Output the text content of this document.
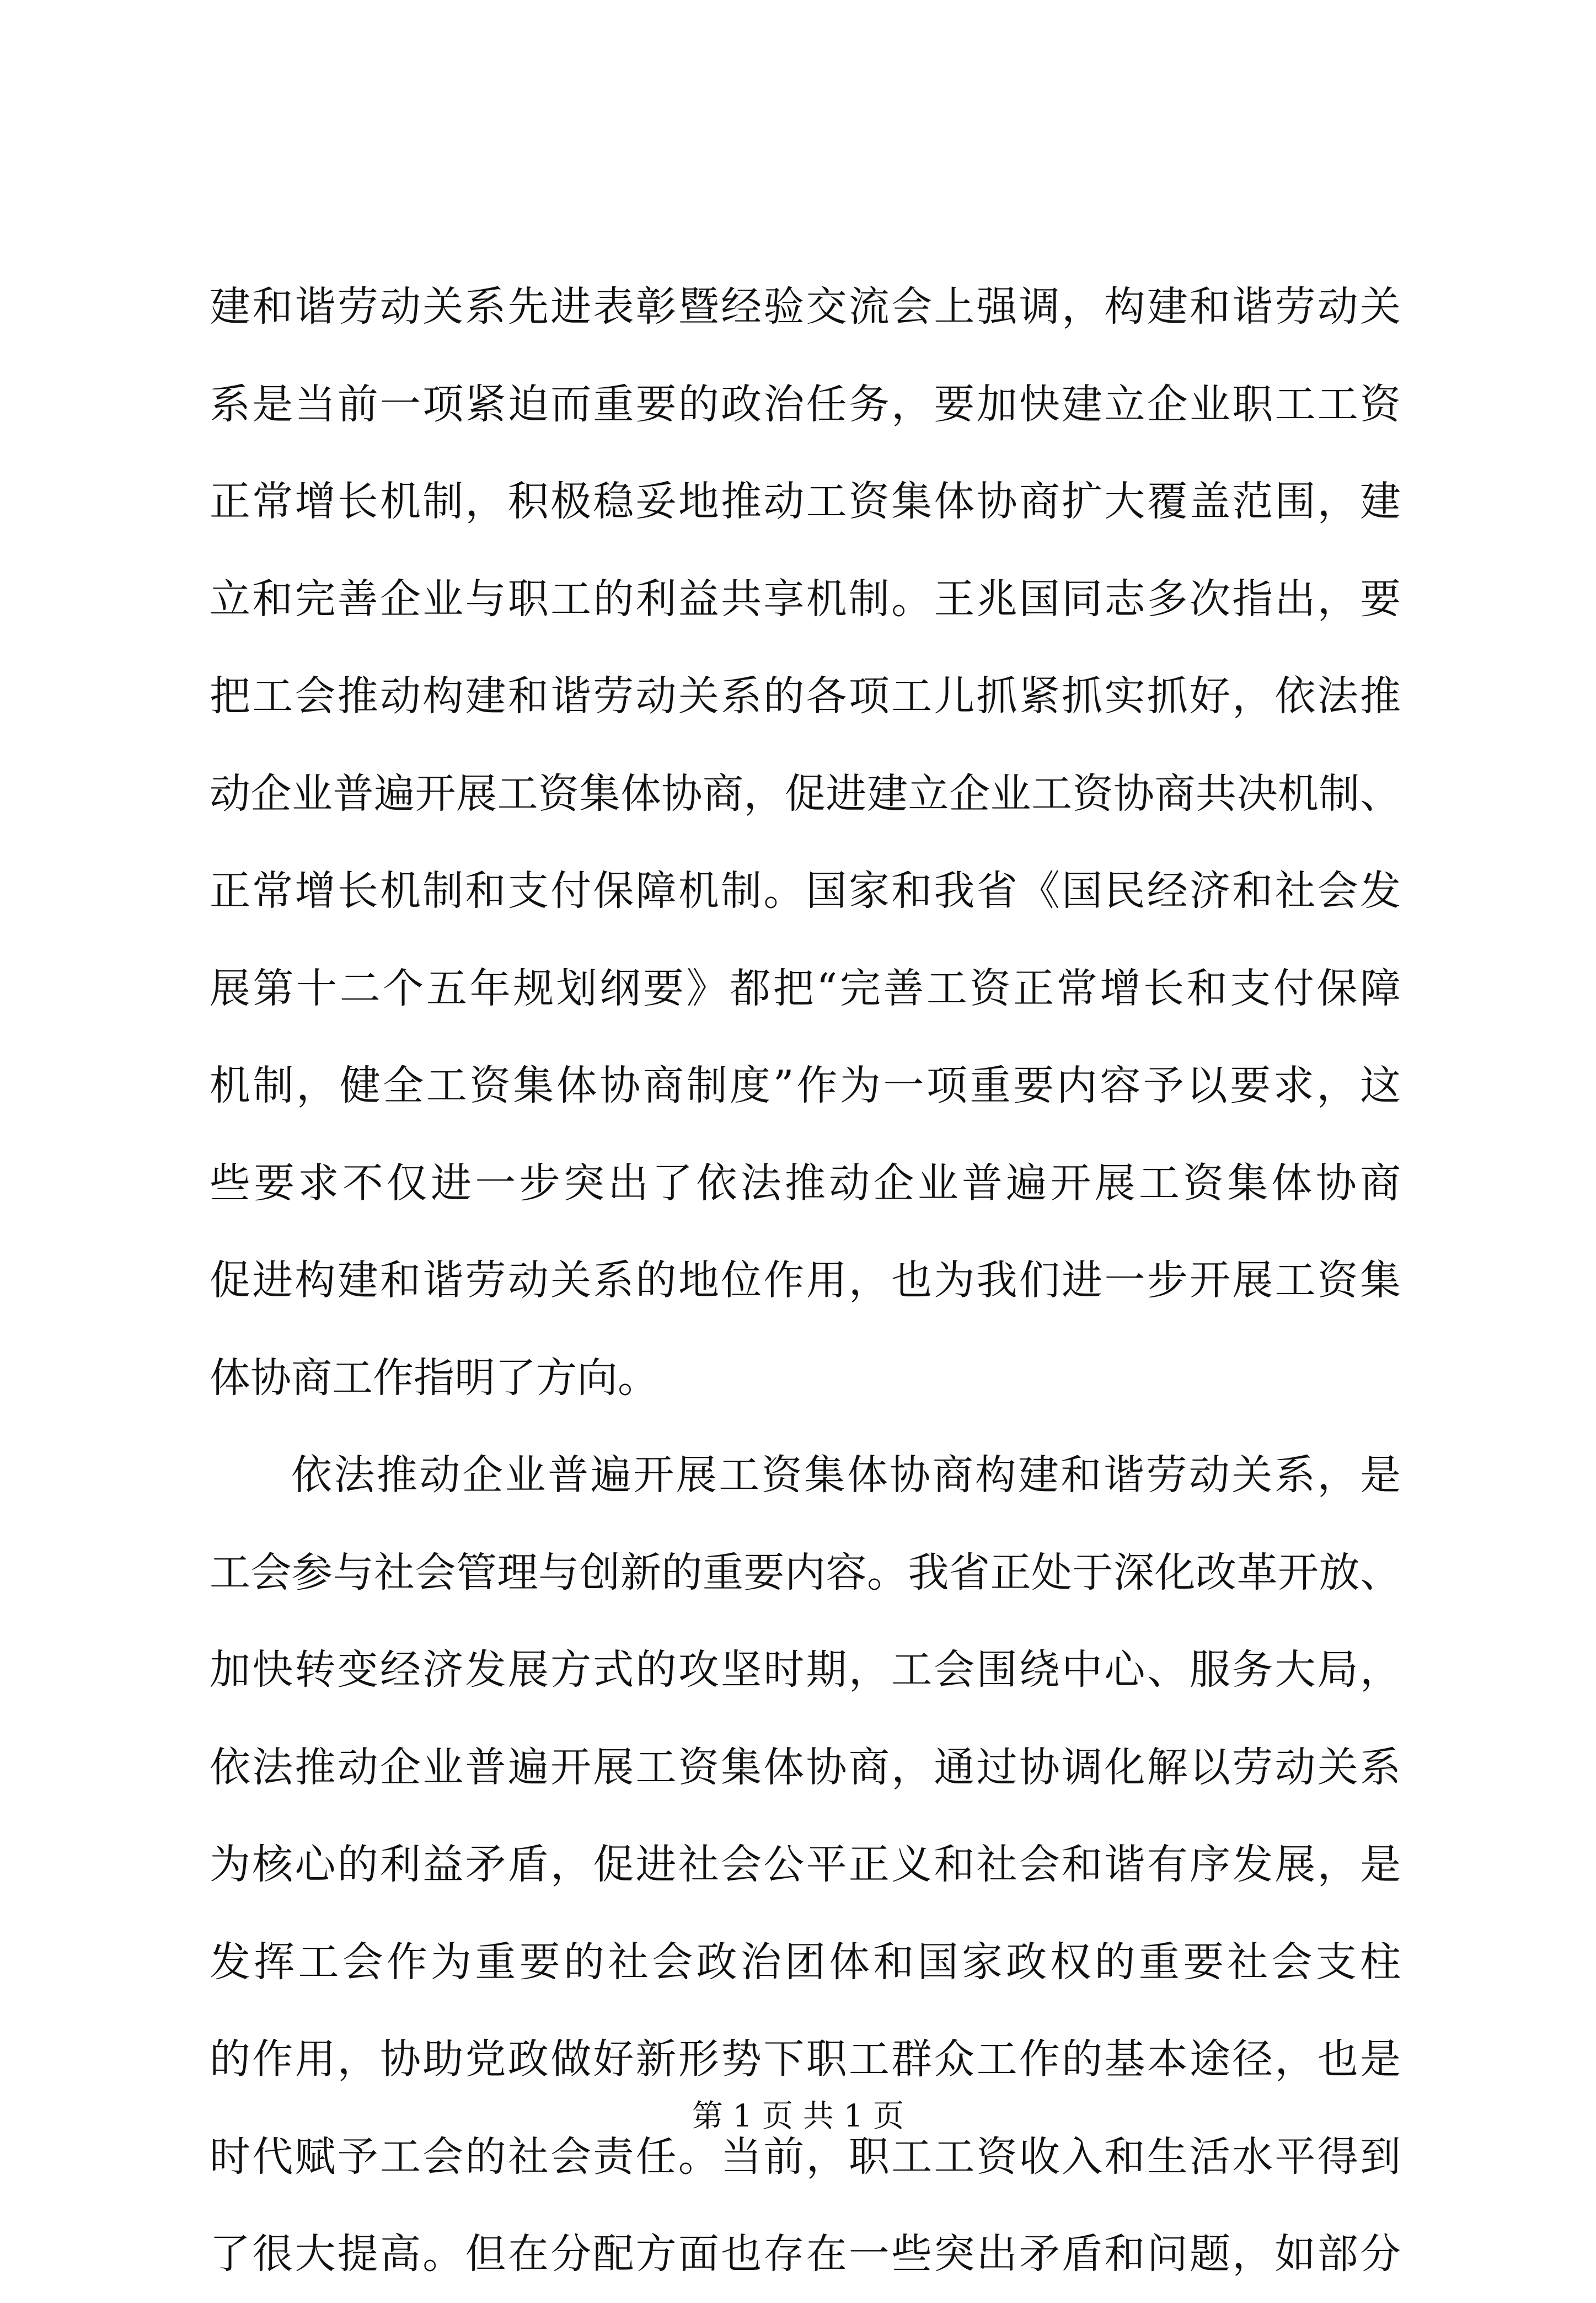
建和谐劳动关系先进表彰暨经验交流会上强调，构建和谐劳动关
系是当前一项紧迫而重要的政治任务，要加快建立企业职工工资
正常增长机制，积极稳妥地推动工资集体协商扩大覆盖范围，建
立和完善企业与职工的利益共享机制。王兆国同志多次指出，要
把工会推动构建和谐劳动关系的各项工儿抓紧抓实抓好，依法推
动企业普遍开展工资集体协商，促进建立企业工资协商共决机制、
正常增长机制和支付保障机制。国家和我省《国民经济和社会发
展第十二个五年规划纲要》都把“完善工资正常增长和支付保障
机制，健全工资集体协商制度”作为一项重要内容予以要求，这
些要求不仅进一步突出了依法推动企业普遍开展工资集体协商
促进构建和谐劳动关系的地位作用，也为我们进一步开展工资集
体协商工作指明了方向。
依法推动企业普遍开展工资集体协商构建和谐劳动关系，是
工会参与社会管理与创新的重要内容。我省正处于深化改革开放、
加快转变经济发展方式的攻坚时期，工会围绕中心、服务大局，
依法推动企业普遍开展工资集体协商，通过协调化解以劳动关系
为核心的利益矛盾，促进社会公平正义和社会和谐有序发展，是
发挥工会作为重要的社会政治团体和国家政权的重要社会支柱
的作用，协助党政做好新形势下职工群众工作的基本途径，也是
时代赋予工会的社会责任。当前，职工工资收入和生活水平得到
了很大提高。但在分配方面也存在一些突出矛盾和问题，如部分
第 1 页 共 1 页
